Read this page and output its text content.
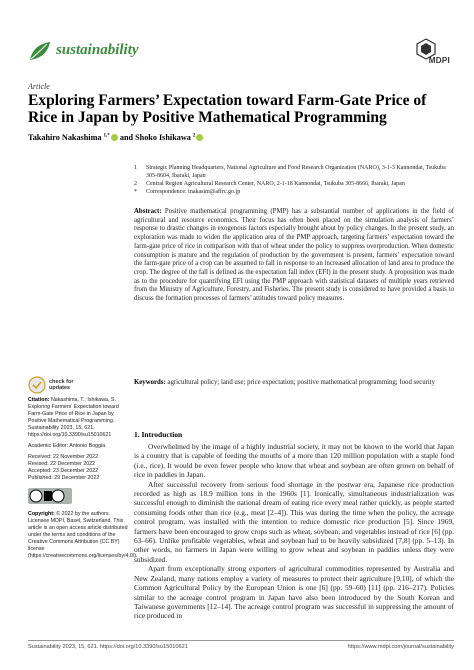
sustainability
MDPI
Article
Exploring Farmers’ Expectation toward Farm-Gate Price of Rice in Japan by Positive Mathematical Programming
Takahiro Nakashima $^{1,*}$ and Shoko Ishikawa $^2$
1	Strategic Planning Headquarters, National Agriculture and Food Research Organization (NARO), 3-1-3 Kannondai, Tsukuba 305-8604, Ibaraki, Japan
2	Central Region Agricultural Research Center, NARO, 2-1-18 Kannondai, Tsukuba 305-8666, Ibaraki, Japan
*	Correspondence: tnakasim@affrc.go.jp
Abstract: Positive mathematical programming (PMP) has a substantial number of applications in the field of agricultural and resource economics. Their focus has often been placed on the simulation analysis of farmers’ response to drastic changes in exogenous factors especially brought about by policy changes. In the present study, an exploration was made to widen the application area of the PMP approach, targeting farmers’ expectation toward the farm-gate price of rice in comparison with that of wheat under the policy to suppress overproduction. When domestic consumption is mature and the regulation of production by the government is present, farmers’ expectation toward the farm-gate price of a crop can be assumed to fall in response to an increased allocation of land area to produce the crop. The degree of the fall is defined as the expectation fall index (EFI) in the present study. A proposition was made as to the procedure for quantifying EFI using the PMP approach with statistical datasets of multiple years retrieved from the Ministry of Agriculture, Forestry, and Fisheries. The present study is considered to have provided a basis to discuss the formation processes of farmers’ attitudes toward policy measures.
Keywords: agricultural policy; land use; price expectation; positive mathematical programming; food security
check for
updates

Citation: Nakashima, T.; Ishikawa, S. Exploring Farmers’ Expectation toward Farm-Gate Price of Rice in Japan by Positive Mathematical Programming. Sustainability 2023, 15, 621. https://doi.org/10.3390/su15010621

Academic Editor: Antonio Boggia

Received: 22 November 2022

Revised: 22 December 2022

Accepted: 23 December 2022

Published: 29 December 2022

Copyright: © 2022 by the authors. Licensee MDPI, Basel, Switzerland. This article is an open access article distributed under the terms and conditions of the Creative Commons Attribution (CC BY) license (https://creativecommons.org/licenses/by/4.0/).

1. Introduction

Overwhelmed by the image of a highly industrial society, it may not be known to the world that Japan is a country that is capable of feeding the mouths of a more than 120 million population with a staple food (i.e., rice). It would be even fewer people who know that wheat and soybean are often grown on behalf of rice in paddies in Japan.

After successful recovery from serious food shortage in the postwar era, Japanese rice production recorded as high as 18.9 million tons in the 1960s [1]. Ironically, simultaneous industrialization was successful enough to diminish the national dream of eating rice every meal rather quickly, as people started consuming foods other than rice (e.g., meat [2–4]). This was during the time when the policy, the acreage control program, was installed with the intention to reduce domestic rice production [5]. Since 1969, farmers have been encouraged to grow crops such as wheat, soybean, and vegetables instead of rice [6] (pp. 63–66). Unlike profitable vegetables, wheat and soybean had to be heavily subsidized [7,8] (pp. 5–13). In other words, no farmers in Japan were willing to grow wheat and soybean in paddies unless they were subsidized.

Apart from exceptionally strong exporters of agricultural commodities represented by Australia and New Zealand, many nations employ a variety of measures to protect their agriculture [9,10], of which the Common Agricultural Policy by the European Union is one [6] (pp. 59–60) [11] (pp. 216–217). Policies similar to the acreage control program in Japan have also been introduced by the South Korean and Taiwanese governments [12–14]. The acreage control program was successful in suppressing the amount of rice produced in

Sustainability 2023, 15, 621. https://doi.org/10.3390/su15010621	https://www.mdpi.com/journal/sustainability
